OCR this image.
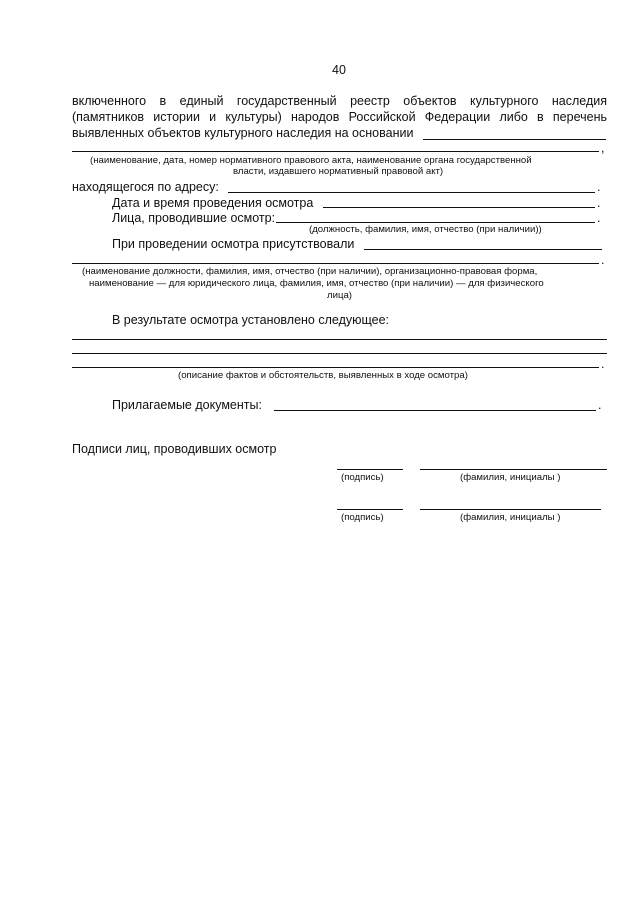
40
включенного в единый государственный реестр объектов культурного наследия
(памятников истории и культуры) народов Российской Федерации либо в перечень
выявленных объектов культурного наследия на основании
,
(наименование, дата, номер нормативного правового акта, наименование органа государственной
власти, издавшего нормативный правовой акт)
находящегося по адресу:	.
Дата и время проведения осмотра	.
Лица, проводившие осмотр:	.
(должность, фамилия, имя, отчество (при наличии))
При проведении осмотра присутствовали
.
(наименование должности, фамилия, имя, отчество (при наличии), организационно-правовая форма,
наименование — для юридического лица, фамилия, имя, отчество (при наличии) — для физического
лица)
В результате осмотра установлено следующее:
.
(описание фактов и обстоятельств, выявленных в ходе осмотра)
Прилагаемые документы:	.
Подписи лиц, проводивших осмотр
(подпись)	(фамилия, инициалы )
(подпись)	(фамилия, инициалы )
